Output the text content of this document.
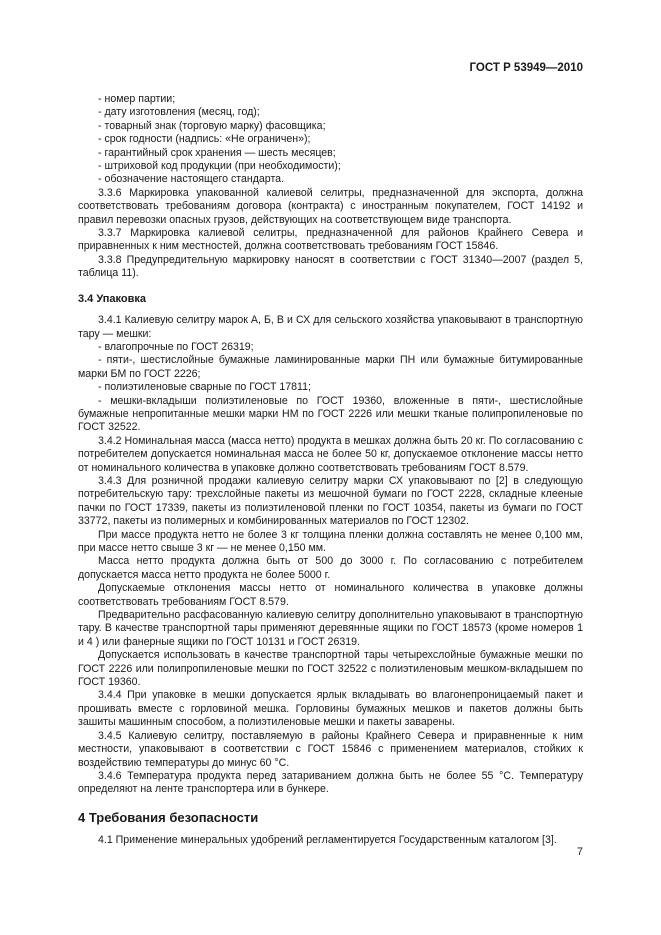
ГОСТ Р 53949—2010

- номер партии;

- дату изготовления (месяц, год);

- товарный знак (торговую марку) фасовщика;

- срок годности (надпись: «Не ограничен»);

- гарантийный срок хранения — шесть месяцев;

- штриховой код продукции (при необходимости);

- обозначение настоящего стандарта.

3.3.6 Маркировка упакованной калиевой селитры, предназначенной для экспорта, должна соответствовать требованиям договора (контракта) с иностранным покупателем, ГОСТ 14192 и правил перевозки опасных грузов, действующих на соответствующем виде транспорта.

3.3.7 Маркировка калиевой селитры, предназначенной для районов Крайнего Севера и приравненных к ним местностей, должна соответствовать требованиям ГОСТ 15846.

3.3.8 Предупредительную маркировку наносят в соответствии с ГОСТ 31340—2007 (раздел 5, таблица 11).

3.4 Упаковка

3.4.1 Калиевую селитру марок А, Б, В и СХ для сельского хозяйства упаковывают в транспортную тару — мешки:

- влагопрочные по ГОСТ 26319;

- пяти-, шестислойные бумажные ламинированные марки ПН или бумажные битумированные марки БМ по ГОСТ 2226;

- полиэтиленовые сварные по ГОСТ 17811;

- мешки-вкладыши полиэтиленовые по ГОСТ 19360, вложенные в пяти-, шестислойные бумажные непропитанные мешки марки НМ по ГОСТ 2226 или мешки тканые полипропиленовые по ГОСТ 32522.

3.4.2 Номинальная масса (масса нетто) продукта в мешках должна быть 20 кг. По согласованию с потребителем допускается номинальная масса не более 50 кг, допускаемое отклонение массы нетто от номинального количества в упаковке должно соответствовать требованиям ГОСТ 8.579.

3.4.3 Для розничной продажи калиевую селитру марки СХ упаковывают по [2] в следующую потребительскую тару: трехслойные пакеты из мешочной бумаги по ГОСТ 2228, складные клееные пачки по ГОСТ 17339, пакеты из полиэтиленовой пленки по ГОСТ 10354, пакеты из бумаги по ГОСТ 33772, пакеты из полимерных и комбинированных материалов по ГОСТ 12302.

При массе продукта нетто не более 3 кг толщина пленки должна составлять не менее 0,100 мм, при массе нетто свыше 3 кг — не менее 0,150 мм.

Масса нетто продукта должна быть от 500 до 3000 г. По согласованию с потребителем допускается масса нетто продукта не более 5000 г.

Допускаемые отклонения массы нетто от номинального количества в упаковке должны соответствовать требованиям ГОСТ 8.579.

Предварительно расфасованную калиевую селитру дополнительно упаковывают в транспортную тару. В качестве транспортной тары применяют деревянные ящики по ГОСТ 18573 (кроме номеров 1 и 4 ) или фанерные ящики по ГОСТ 10131 и ГОСТ 26319.

Допускается использовать в качестве транспортной тары четырехслойные бумажные мешки по ГОСТ 2226 или полипропиленовые мешки по ГОСТ 32522 с полиэтиленовым мешком-вкладышем по ГОСТ 19360.

3.4.4 При упаковке в мешки допускается ярлык вкладывать во влагонепроницаемый пакет и прошивать вместе с горловиной мешка. Горловины бумажных мешков и пакетов должны быть зашиты машинным способом, а полиэтиленовые мешки и пакеты заварены.

3.4.5 Калиевую селитру, поставляемую в районы Крайнего Севера и приравненные к ним местности, упаковывают в соответствии с ГОСТ 15846 с применением материалов, стойких к воздействию температуры до минус 60 °С.

3.4.6 Температура продукта перед затариванием должна быть не более 55 °С. Температуру определяют на ленте транспортера или в бункере.

4 Требования безопасности

4.1 Применение минеральных удобрений регламентируется Государственным каталогом [3].

7
